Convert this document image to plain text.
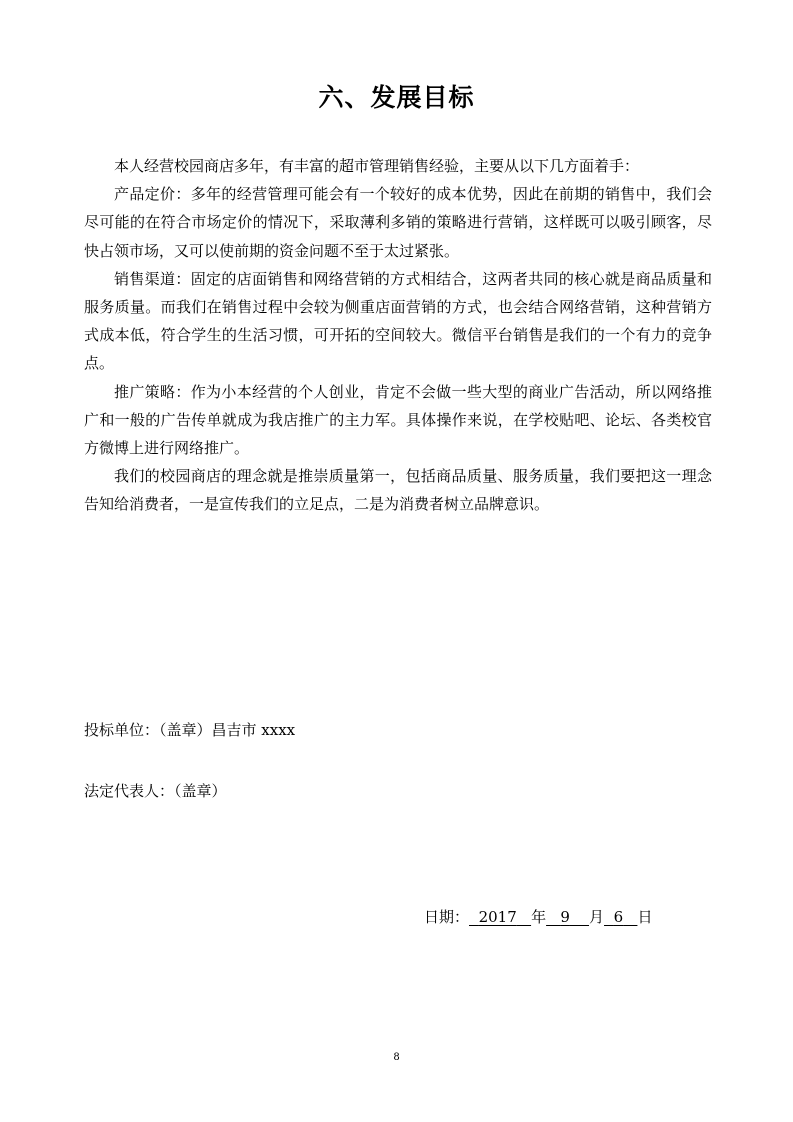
六、发展目标

本人经营校园商店多年，有丰富的超市管理销售经验，主要从以下几方面着手：

产品定价：多年的经营管理可能会有一个较好的成本优势，因此在前期的销售中，我们会尽可能的在符合市场定价的情况下，采取薄利多销的策略进行营销，这样既可以吸引顾客，尽快占领市场，又可以使前期的资金问题不至于太过紧张。

销售渠道：固定的店面销售和网络营销的方式相结合，这两者共同的核心就是商品质量和服务质量。而我们在销售过程中会较为侧重店面营销的方式，也会结合网络营销，这种营销方式成本低，符合学生的生活习惯，可开拓的空间较大。微信平台销售是我们的一个有力的竞争点。

推广策略：作为小本经营的个人创业，肯定不会做一些大型的商业广告活动，所以网络推广和一般的广告传单就成为我店推广的主力军。具体操作来说，在学校贴吧、论坛、各类校官方微博上进行网络推广。

我们的校园商店的理念就是推崇质量第一，包括商品质量、服务质量，我们要把这一理念告知给消费者，一是宣传我们的立足点，二是为消费者树立品牌意识。

投标单位：（盖章）昌吉市 xxxx
法定代表人：（盖章）
日期： 2017 年 9 月 6 日
8
